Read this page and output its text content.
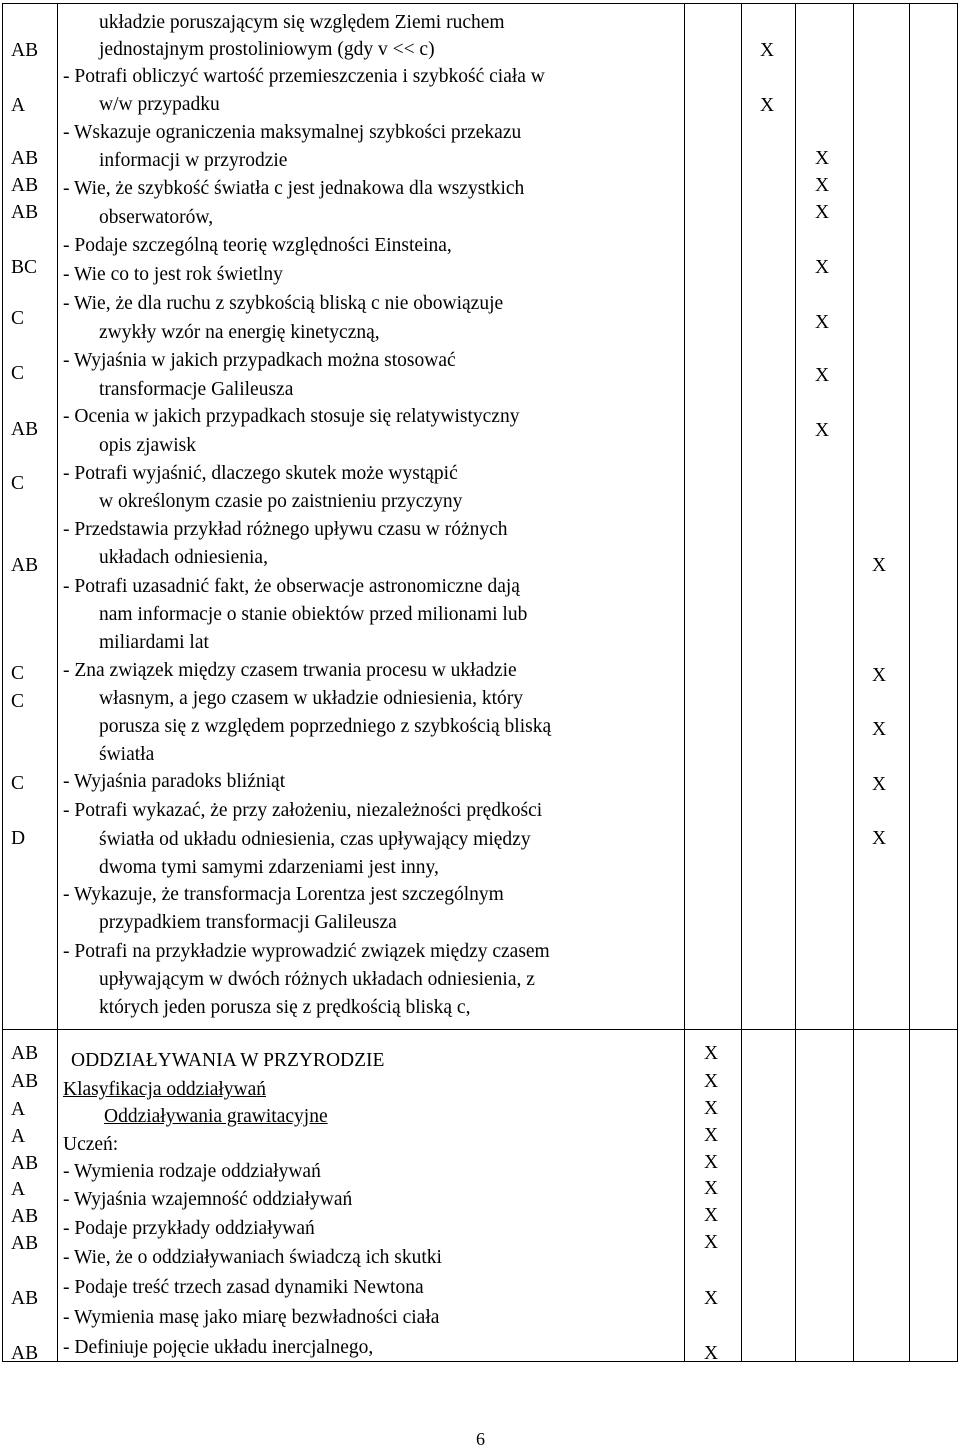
AB
A
AB
AB
AB
BC
C
C
AB
C
AB
C
C
C
D
układzie poruszającym się względem Ziemi ruchem
jednostajnym prostoliniowym (gdy v << c)
- Potrafi obliczyć wartość przemieszczenia i szybkość ciała w
w/w przypadku
- Wskazuje ograniczenia maksymalnej szybkości przekazu
informacji w przyrodzie
- Wie, że szybkość światła c jest jednakowa dla wszystkich
obserwatorów,
- Podaje szczególną teorię względności Einsteina,
- Wie co to jest rok świetlny
- Wie, że dla ruchu z szybkością bliską c nie obowiązuje
zwykły wzór na energię kinetyczną,
- Wyjaśnia w jakich przypadkach można stosować
transformacje Galileusza
- Ocenia w jakich przypadkach stosuje się relatywistyczny
opis zjawisk
- Potrafi wyjaśnić, dlaczego skutek może wystąpić
w określonym czasie po zaistnieniu przyczyny
- Przedstawia przykład różnego upływu czasu w różnych
układach odniesienia,
- Potrafi uzasadnić fakt, że obserwacje astronomiczne dają
nam informacje o stanie obiektów przed milionami lub
miliardami lat
- Zna związek między czasem trwania procesu w układzie
własnym, a jego czasem w układzie odniesienia, który
porusza się z względem poprzedniego z szybkością bliską
światła
- Wyjaśnia paradoks bliźniąt
- Potrafi wykazać, że przy założeniu, niezależności prędkości
światła od układu odniesienia, czas upływający między
dwoma tymi samymi zdarzeniami jest inny,
- Wykazuje, że transformacja Lorentza jest szczególnym
przypadkiem transformacji Galileusza
- Potrafi na przykładzie wyprowadzić związek między czasem
upływającym w dwóch różnych układach odniesienia, z
których jeden porusza się z prędkością bliską c,
X
X
X
X
X
X
X
X
X
X
X
X
X
X
AB
AB
A
A
AB
A
AB
AB
AB
AB
ODDZIAŁYWANIA W PRZYRODZIE
Klasyfikacja oddziaływań
Oddziaływania grawitacyjne
Uczeń:
- Wymienia rodzaje oddziaływań
- Wyjaśnia wzajemność oddziaływań
- Podaje przykłady oddziaływań
- Wie, że o oddziaływaniach świadczą ich skutki
- Podaje treść trzech zasad dynamiki Newtona
- Wymienia masę jako miarę bezwładności ciała
- Definiuje pojęcie układu inercjalnego,
X
X
X
X
X
X
X
X
X
X
6
